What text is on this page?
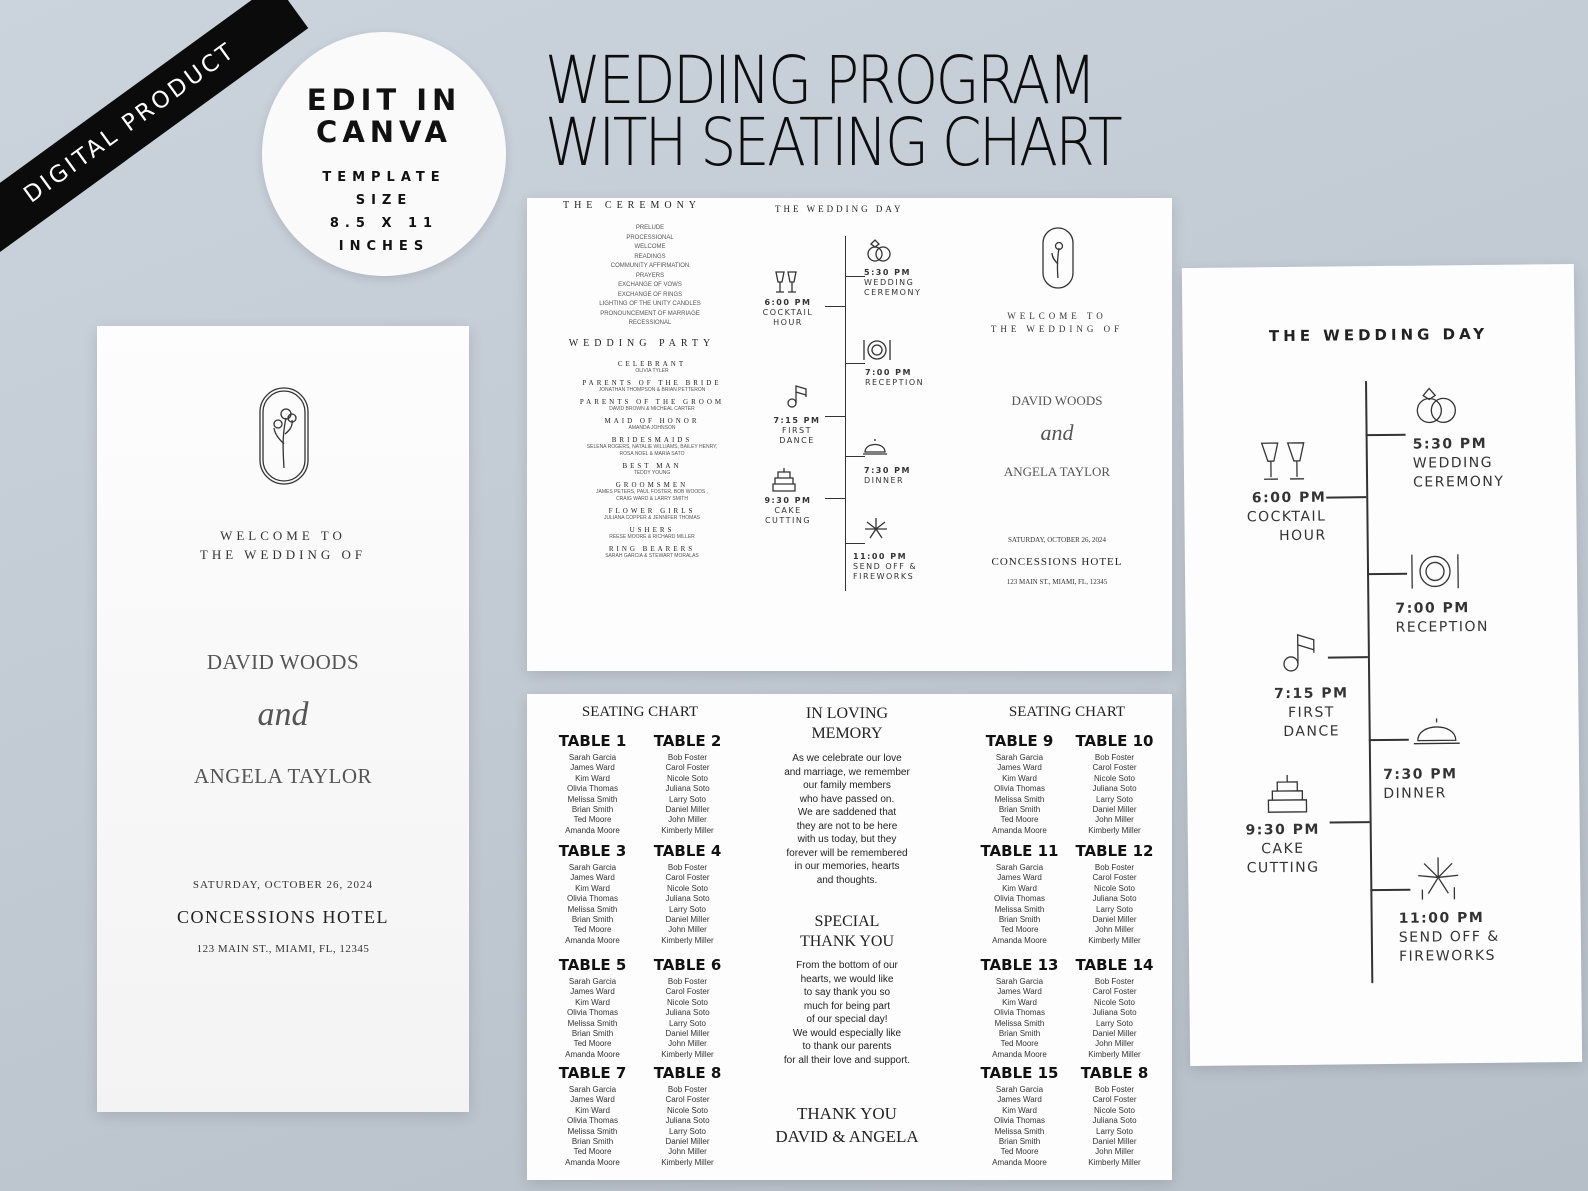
DIGITAL PRODUCT	EDIT IN
CANVA
TEMPLATE
SIZE
8.5 X 11
INCHES
WEDDING PROGRAM
WITH SEATING CHART
WELCOME TO
THE WEDDING OF
DAVID WOODS
and
ANGELA TAYLOR
SATURDAY, OCTOBER 26, 2024
CONCESSIONS HOTEL
123 MAIN ST., MIAMI, FL, 12345
THE CEREMONY
PRELUDE
PROCESSIONAL
WELCOME
READINGS
COMMUNITY AFFIRMATION
PRAYERS
EXCHANGE OF VOWS
EXCHANGE OF RINGS
LIGHTING OF THE UNITY CANDLES
PRONOUNCEMENT OF MARRIAGE
RECESSIONAL
WEDDING PARTY
CELEBRANT
OLIVIA TYLER
PARENTS OF THE BRIDE
JONATHAN THOMPSON & BRIAN PETTERON
PARENTS OF THE GROOM
DAVID BROWN & MICHEAL CARTER
MAID OF HONOR
AMANDA JOHNSON
BRIDESMAIDS
SELENA ROGERS, NATALIE WILLIAMS, BAILEY HENRY,
ROSA NOEL & MARIA SATO
BEST MAN
TEDDY YOUNG
GROOMSMEN
JAMES PETERS, PAUL FOSTER, BOB WOODS ,
CRAIG WARD & LARRY SMITH
FLOWER GIRLS
JULIANA COPPER & JENNIFER THOMAS
USHERS
REESE MOORE & RICHARD MILLER
RING BEARERS
SARAH GARCIA & STEWART MORALAS
THE WEDDING DAY
5:30 PM
WEDDING
CEREMONY
6:00 PM
COCKTAIL
HOUR
7:00 PM
RECEPTION
7:15 PM
FIRST
DANCE
7:30 PM
DINNER
9:30 PM
CAKE
CUTTING
11:00 PM
SEND OFF &
FIREWORKS
WELCOME TO
THE WEDDING OF
DAVID WOODS
and
ANGELA TAYLOR
SATURDAY, OCTOBER 26, 2024
CONCESSIONS HOTEL
123 MAIN ST., MIAMI, FL, 12345
SEATING CHART
TABLE 1
Sarah Garcia
James Ward
Kim Ward
Olivia Thomas
Melissa Smith
Brian Smith
Ted Moore
Amanda Moore
TABLE 2
Bob Foster
Carol Foster
Nicole Soto
Juliana Soto
Larry Soto
Daniel Miller
John Miller
Kimberly Miller
TABLE 3
Sarah Garcia
James Ward
Kim Ward
Olivia Thomas
Melissa Smith
Brian Smith
Ted Moore
Amanda Moore
TABLE 4
Bob Foster
Carol Foster
Nicole Soto
Juliana Soto
Larry Soto
Daniel Miller
John Miller
Kimberly Miller
TABLE 5
Sarah Garcia
James Ward
Kim Ward
Olivia Thomas
Melissa Smith
Brian Smith
Ted Moore
Amanda Moore
TABLE 6
Bob Foster
Carol Foster
Nicole Soto
Juliana Soto
Larry Soto
Daniel Miller
John Miller
Kimberly Miller
TABLE 7
Sarah Garcia
James Ward
Kim Ward
Olivia Thomas
Melissa Smith
Brian Smith
Ted Moore
Amanda Moore
TABLE 8
Bob Foster
Carol Foster
Nicole Soto
Juliana Soto
Larry Soto
Daniel Miller
John Miller
Kimberly Miller
SEATING CHART
TABLE 9
Sarah Garcia
James Ward
Kim Ward
Olivia Thomas
Melissa Smith
Brian Smith
Ted Moore
Amanda Moore
TABLE 10
Bob Foster
Carol Foster
Nicole Soto
Juliana Soto
Larry Soto
Daniel Miller
John Miller
Kimberly Miller
TABLE 11
Sarah Garcia
James Ward
Kim Ward
Olivia Thomas
Melissa Smith
Brian Smith
Ted Moore
Amanda Moore
TABLE 12
Bob Foster
Carol Foster
Nicole Soto
Juliana Soto
Larry Soto
Daniel Miller
John Miller
Kimberly Miller
TABLE 13
Sarah Garcia
James Ward
Kim Ward
Olivia Thomas
Melissa Smith
Brian Smith
Ted Moore
Amanda Moore
TABLE 14
Bob Foster
Carol Foster
Nicole Soto
Juliana Soto
Larry Soto
Daniel Miller
John Miller
Kimberly Miller
TABLE 15
Sarah Garcia
James Ward
Kim Ward
Olivia Thomas
Melissa Smith
Brian Smith
Ted Moore
Amanda Moore
TABLE 8
Bob Foster
Carol Foster
Nicole Soto
Juliana Soto
Larry Soto
Daniel Miller
John Miller
Kimberly Miller
IN LOVING
MEMORY
As we celebrate our love
and marriage, we remember
our family members
who have passed on.
We are saddened that
they are not to be here
with us today, but they
forever will be remembered
in our memories, hearts
and thoughts.
SPECIAL
THANK YOU
From the bottom of our
hearts, we would like
to say thank you so
much for being part
of our special day!
We would especially like
to thank our parents
for all their love and support.
THANK YOU
DAVID & ANGELA
THE WEDDING DAY
5:30 PM
WEDDING
CEREMONY
6:00 PM
COCKTAIL
HOUR
7:00 PM
RECEPTION
7:15 PM
FIRST
DANCE
7:30 PM
DINNER
9:30 PM
CAKE
CUTTING
11:00 PM
SEND OFF &
FIREWORKS
